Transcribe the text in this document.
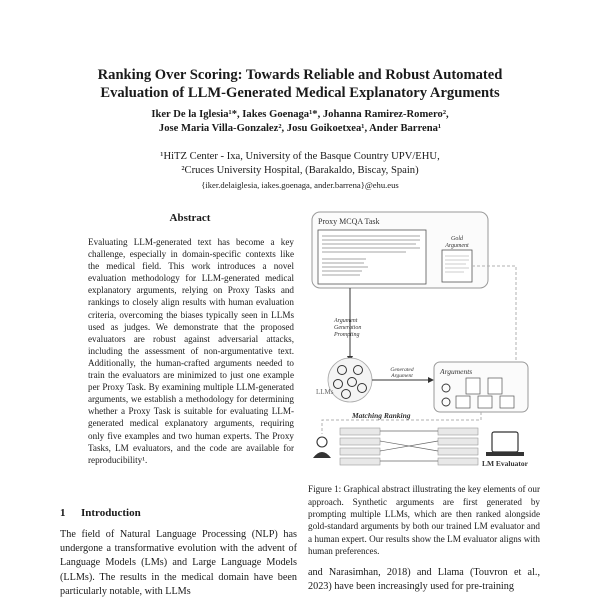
Ranking Over Scoring: Towards Reliable and Robust Automated
Evaluation of LLM-Generated Medical Explanatory Arguments
Iker De la Iglesia¹*, Iakes Goenaga¹*, Johanna Ramirez-Romero²,
Jose Maria Villa-Gonzalez², Josu Goikoetxea¹, Ander Barrena¹
¹HiTZ Center - Ixa, University of the Basque Country UPV/EHU,
²Cruces University Hospital, (Barakaldo, Biscay, Spain)
{iker.delaiglesia, iakes.goenaga, ander.barrena}@ehu.eus
Abstract

Evaluating LLM-generated text has become a key challenge, especially in domain-specific contexts like the medical field. This work introduces a novel evaluation methodology for LLM-generated medical explanatory arguments, relying on Proxy Tasks and rankings to closely align results with human evaluation criteria, overcoming the biases typically seen in LLMs used as judges. We demonstrate that the proposed evaluators are robust against adversarial attacks, including the assessment of non-argumentative text. Additionally, the human-crafted arguments needed to train the evaluators are minimized to just one example per Proxy Task. By examining multiple LLM-generated arguments, we establish a methodology for determining whether a Proxy Task is suitable for evaluating LLM-generated medical explanatory arguments, requiring only five examples and two human experts. The Proxy Tasks, LM evaluators, and the code are available for reproducibility¹.

1 Introduction

The field of Natural Language Processing (NLP) has undergone a transformative evolution with the advent of Language Models (LMs) and Large Language Models (LLMs). The results in the medical domain have been particularly notable, with LLMs

Proxy MCQA Task
Gold Argument
Argument Generation Prompting
LLMs
Generated Argument	Arguments
Matching Ranking
LM Evaluator

Figure 1: Graphical abstract illustrating the key elements of our approach. Synthetic arguments are first generated by prompting multiple LLMs, which are then ranked alongside gold-standard arguments by both our trained LM evaluator and a human expert. Our results show the LM evaluator aligns with human preferences.

and Narasimhan, 2018) and Llama (Touvron et al., 2023) have been increasingly used for pre-training
